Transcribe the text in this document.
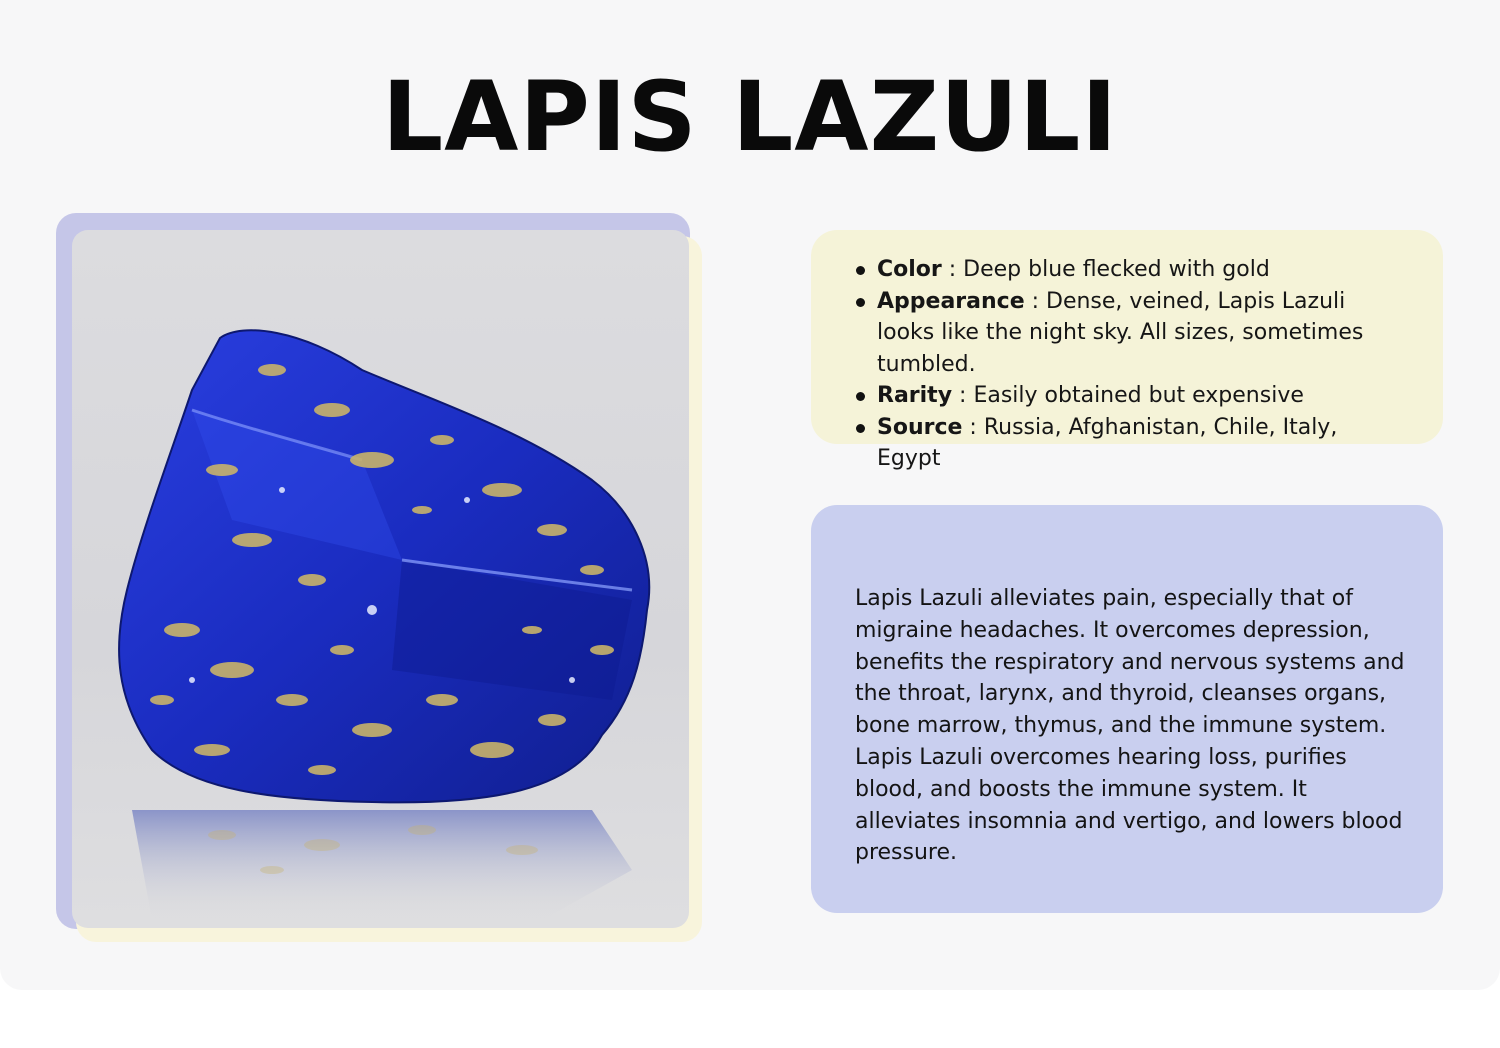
LAPIS LAZULI
Color : Deep blue flecked with gold
Appearance : Dense, veined, Lapis Lazuli looks like the night sky. All sizes, sometimes tumbled.
Rarity : Easily obtained but expensive
Source : Russia, Afghanistan, Chile, Italy, Egypt

Lapis Lazuli alleviates pain, especially that of migraine headaches. It overcomes depression, benefits the respiratory and nervous systems and the throat, larynx, and thyroid, cleanses organs, bone marrow, thymus, and the immune system. Lapis Lazuli overcomes hearing loss, purifies blood, and boosts the immune system. It alleviates insomnia and vertigo, and lowers blood pressure.
